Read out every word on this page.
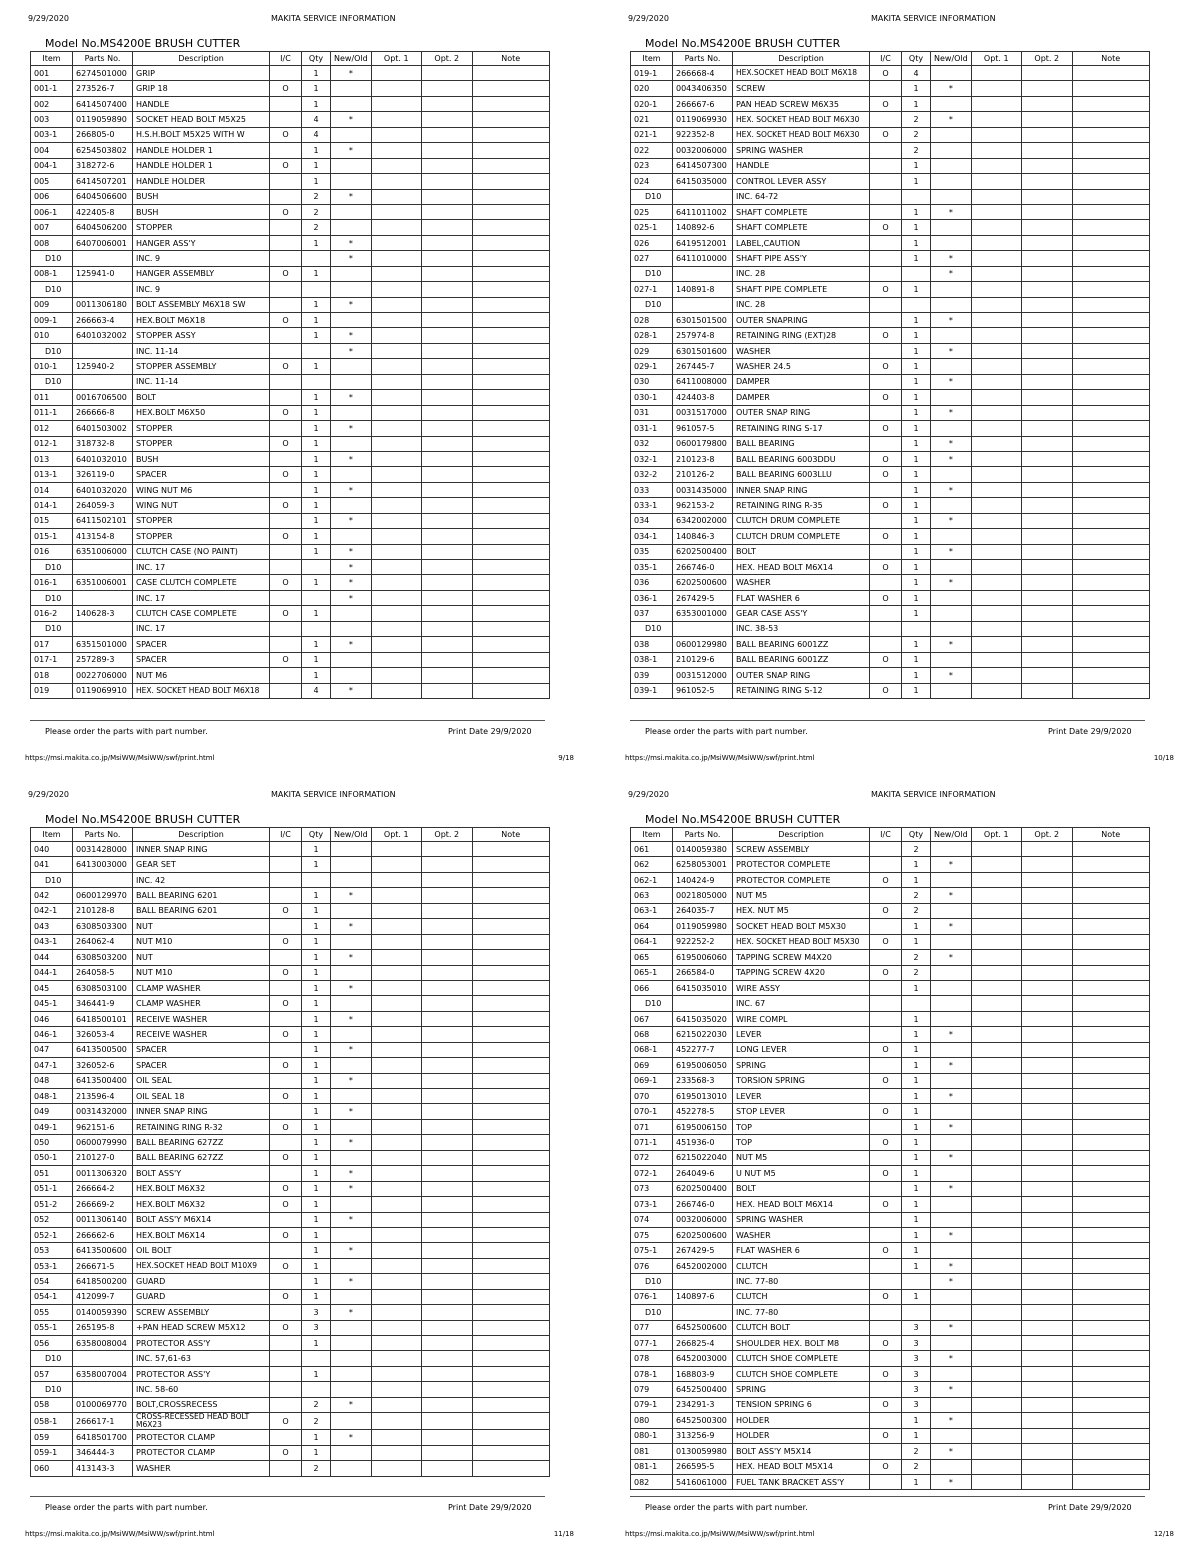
9/29/2020	MAKITA SERVICE INFORMATION
Model No.MS4200E BRUSH CUTTER
Item	Parts No.	Description	I/C	Qty	New/Old	Opt. 1	Opt. 2	Note
001	6274501000	GRIP		1	*			
001-1	273526-7	GRIP 18	O	1				
002	6414507400	HANDLE		1				
003	0119059890	SOCKET HEAD BOLT M5X25		4	*			
003-1	266805-0	H.S.H.BOLT M5X25 WITH W	O	4				
004	6254503802	HANDLE HOLDER 1		1	*			
004-1	318272-6	HANDLE HOLDER 1	O	1				
005	6414507201	HANDLE HOLDER		1				
006	6404506600	BUSH		2	*			
006-1	422405-8	BUSH	O	2				
007	6404506200	STOPPER		2				
008	6407006001	HANGER ASS'Y		1	*			
D10		INC. 9			*			
008-1	125941-0	HANGER ASSEMBLY	O	1				
D10		INC. 9						
009	0011306180	BOLT ASSEMBLY M6X18 SW		1	*			
009-1	266663-4	HEX.BOLT M6X18	O	1				
010	6401032002	STOPPER ASSY		1	*			
D10		INC. 11-14			*			
010-1	125940-2	STOPPER ASSEMBLY	O	1				
D10		INC. 11-14						
011	0016706500	BOLT		1	*			
011-1	266666-8	HEX.BOLT M6X50	O	1				
012	6401503002	STOPPER		1	*			
012-1	318732-8	STOPPER	O	1				
013	6401032010	BUSH		1	*			
013-1	326119-0	SPACER	O	1				
014	6401032020	WING NUT M6		1	*			
014-1	264059-3	WING NUT	O	1				
015	6411502101	STOPPER		1	*			
015-1	413154-8	STOPPER	O	1				
016	6351006000	CLUTCH CASE (NO PAINT)		1	*			
D10		INC. 17			*			
016-1	6351006001	CASE CLUTCH COMPLETE	O	1	*			
D10		INC. 17			*			
016-2	140628-3	CLUTCH CASE COMPLETE	O	1				
D10		INC. 17						
017	6351501000	SPACER		1	*			
017-1	257289-3	SPACER	O	1				
018	0022706000	NUT M6		1				
019	0119069910	HEX. SOCKET HEAD BOLT M6X18		4	*			
Please order the parts with part number.	Print Date 29/9/2020
https://msi.makita.co.jp/MsiWW/MsiWW/swf/print.html	9/18
9/29/2020	MAKITA SERVICE INFORMATION
Model No.MS4200E BRUSH CUTTER
Item	Parts No.	Description	I/C	Qty	New/Old	Opt. 1	Opt. 2	Note
019-1	266668-4	HEX.SOCKET HEAD BOLT M6X18	O	4				
020	0043406350	SCREW		1	*			
020-1	266667-6	PAN HEAD SCREW M6X35	O	1				
021	0119069930	HEX. SOCKET HEAD BOLT M6X30		2	*			
021-1	922352-8	HEX. SOCKET HEAD BOLT M6X30	O	2				
022	0032006000	SPRING WASHER		2				
023	6414507300	HANDLE		1				
024	6415035000	CONTROL LEVER ASSY		1				
D10		INC. 64-72						
025	6411011002	SHAFT COMPLETE		1	*			
025-1	140892-6	SHAFT COMPLETE	O	1				
026	6419512001	LABEL,CAUTION		1				
027	6411010000	SHAFT PIPE ASS'Y		1	*			
D10		INC. 28			*			
027-1	140891-8	SHAFT PIPE COMPLETE	O	1				
D10		INC. 28						
028	6301501500	OUTER SNAPRING		1	*			
028-1	257974-8	RETAINING RING (EXT)28	O	1				
029	6301501600	WASHER		1	*			
029-1	267445-7	WASHER 24.5	O	1				
030	6411008000	DAMPER		1	*			
030-1	424403-8	DAMPER	O	1				
031	0031517000	OUTER SNAP RING		1	*			
031-1	961057-5	RETAINING RING S-17	O	1				
032	0600179800	BALL BEARING		1	*			
032-1	210123-8	BALL BEARING 6003DDU	O	1	*			
032-2	210126-2	BALL BEARING 6003LLU	O	1				
033	0031435000	INNER SNAP RING		1	*			
033-1	962153-2	RETAINING RING R-35	O	1				
034	6342002000	CLUTCH DRUM COMPLETE		1	*			
034-1	140846-3	CLUTCH DRUM COMPLETE	O	1				
035	6202500400	BOLT		1	*			
035-1	266746-0	HEX. HEAD BOLT M6X14	O	1				
036	6202500600	WASHER		1	*			
036-1	267429-5	FLAT WASHER 6	O	1				
037	6353001000	GEAR CASE ASS'Y		1				
D10		INC. 38-53						
038	0600129980	BALL BEARING 6001ZZ		1	*			
038-1	210129-6	BALL BEARING 6001ZZ	O	1				
039	0031512000	OUTER SNAP RING		1	*			
039-1	961052-5	RETAINING RING S-12	O	1				
Please order the parts with part number.	Print Date 29/9/2020
https://msi.makita.co.jp/MsiWW/MsiWW/swf/print.html	10/18
9/29/2020	MAKITA SERVICE INFORMATION
Model No.MS4200E BRUSH CUTTER
Item	Parts No.	Description	I/C	Qty	New/Old	Opt. 1	Opt. 2	Note
040	0031428000	INNER SNAP RING		1				
041	6413003000	GEAR SET		1				
D10		INC. 42						
042	0600129970	BALL BEARING 6201		1	*			
042-1	210128-8	BALL BEARING 6201	O	1				
043	6308503300	NUT		1	*			
043-1	264062-4	NUT M10	O	1				
044	6308503200	NUT		1	*			
044-1	264058-5	NUT M10	O	1				
045	6308503100	CLAMP WASHER		1	*			
045-1	346441-9	CLAMP WASHER	O	1				
046	6418500101	RECEIVE WASHER		1	*			
046-1	326053-4	RECEIVE WASHER	O	1				
047	6413500500	SPACER		1	*			
047-1	326052-6	SPACER	O	1				
048	6413500400	OIL SEAL		1	*			
048-1	213596-4	OIL SEAL 18	O	1				
049	0031432000	INNER SNAP RING		1	*			
049-1	962151-6	RETAINING RING R-32	O	1				
050	0600079990	BALL BEARING 627ZZ		1	*			
050-1	210127-0	BALL BEARING 627ZZ	O	1				
051	0011306320	BOLT ASS'Y		1	*			
051-1	266664-2	HEX.BOLT M6X32	O	1	*			
051-2	266669-2	HEX.BOLT M6X32	O	1				
052	0011306140	BOLT ASS'Y M6X14		1	*			
052-1	266662-6	HEX.BOLT M6X14	O	1				
053	6413500600	OIL BOLT		1	*			
053-1	266671-5	HEX.SOCKET HEAD BOLT M10X9	O	1				
054	6418500200	GUARD		1	*			
054-1	412099-7	GUARD	O	1				
055	0140059390	SCREW ASSEMBLY		3	*			
055-1	265195-8	+PAN HEAD SCREW M5X12	O	3				
056	6358008004	PROTECTOR ASS'Y		1				
D10		INC. 57,61-63						
057	6358007004	PROTECTOR ASS'Y		1				
D10		INC. 58-60						
058	0100069770	BOLT,CROSSRECESS		2	*			
058-1	266617-1	CROSS-RECESSED HEAD BOLT M6X23	O	2				
059	6418501700	PROTECTOR CLAMP		1	*			
059-1	346444-3	PROTECTOR CLAMP	O	1				
060	413143-3	WASHER		2				
Please order the parts with part number.	Print Date 29/9/2020
https://msi.makita.co.jp/MsiWW/MsiWW/swf/print.html	11/18
9/29/2020	MAKITA SERVICE INFORMATION
Model No.MS4200E BRUSH CUTTER
Item	Parts No.	Description	I/C	Qty	New/Old	Opt. 1	Opt. 2	Note
061	0140059380	SCREW ASSEMBLY		2				
062	6258053001	PROTECTOR COMPLETE		1	*			
062-1	140424-9	PROTECTOR COMPLETE	O	1				
063	0021805000	NUT M5		2	*			
063-1	264035-7	HEX. NUT M5	O	2				
064	0119059980	SOCKET HEAD BOLT M5X30		1	*			
064-1	922252-2	HEX. SOCKET HEAD BOLT M5X30	O	1				
065	6195006060	TAPPING SCREW M4X20		2	*			
065-1	266584-0	TAPPING SCREW 4X20	O	2				
066	6415035010	WIRE ASSY		1				
D10		INC. 67						
067	6415035020	WIRE COMPL		1				
068	6215022030	LEVER		1	*			
068-1	452277-7	LONG LEVER	O	1				
069	6195006050	SPRING		1	*			
069-1	233568-3	TORSION SPRING	O	1				
070	6195013010	LEVER		1	*			
070-1	452278-5	STOP LEVER	O	1				
071	6195006150	TOP		1	*			
071-1	451936-0	TOP	O	1				
072	6215022040	NUT M5		1	*			
072-1	264049-6	U NUT M5	O	1				
073	6202500400	BOLT		1	*			
073-1	266746-0	HEX. HEAD BOLT M6X14	O	1				
074	0032006000	SPRING WASHER		1				
075	6202500600	WASHER		1	*			
075-1	267429-5	FLAT WASHER 6	O	1				
076	6452002000	CLUTCH		1	*			
D10		INC. 77-80			*			
076-1	140897-6	CLUTCH	O	1				
D10		INC. 77-80						
077	6452500600	CLUTCH BOLT		3	*			
077-1	266825-4	SHOULDER HEX. BOLT M8	O	3				
078	6452003000	CLUTCH SHOE COMPLETE		3	*			
078-1	168803-9	CLUTCH SHOE COMPLETE	O	3				
079	6452500400	SPRING		3	*			
079-1	234291-3	TENSION SPRING 6	O	3				
080	6452500300	HOLDER		1	*			
080-1	313256-9	HOLDER	O	1				
081	0130059980	BOLT ASS'Y M5X14		2	*			
081-1	266595-5	HEX. HEAD BOLT M5X14	O	2				
082	5416061000	FUEL TANK BRACKET ASS'Y		1	*			
Please order the parts with part number.	Print Date 29/9/2020
https://msi.makita.co.jp/MsiWW/MsiWW/swf/print.html	12/18
